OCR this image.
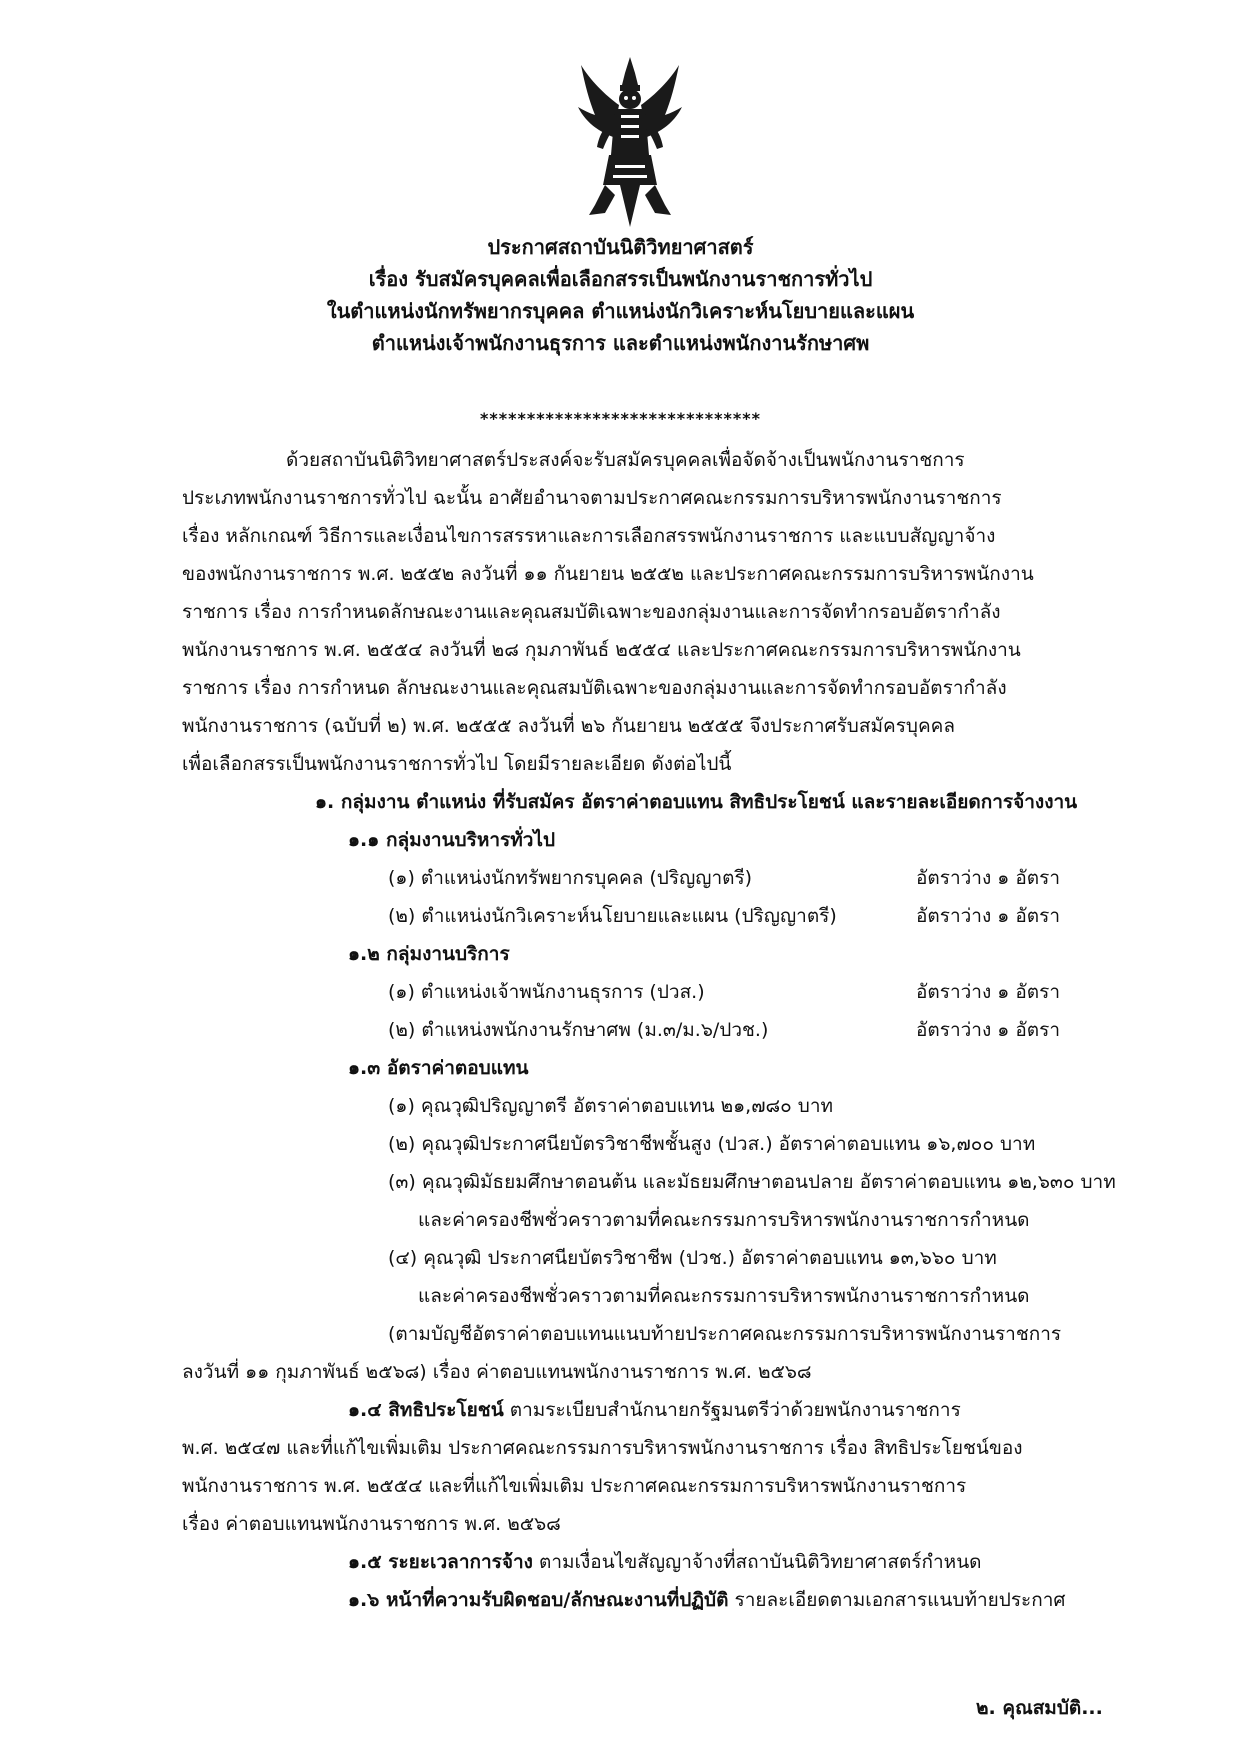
ประกาศสถาบันนิติวิทยาศาสตร์
เรื่อง รับสมัครบุคคลเพื่อเลือกสรรเป็นพนักงานราชการทั่วไป
ในตำแหน่งนักทรัพยากรบุคคล ตำแหน่งนักวิเคราะห์นโยบายและแผน
ตำแหน่งเจ้าพนักงานธุรการ และตำแหน่งพนักงานรักษาศพ
******************************
ด้วยสถาบันนิติวิทยาศาสตร์ประสงค์จะรับสมัครบุคคลเพื่อจัดจ้างเป็นพนักงานราชการ
ประเภทพนักงานราชการทั่วไป ฉะนั้น อาศัยอำนาจตามประกาศคณะกรรมการบริหารพนักงานราชการ
เรื่อง หลักเกณฑ์ วิธีการและเงื่อนไขการสรรหาและการเลือกสรรพนักงานราชการ และแบบสัญญาจ้าง
ของพนักงานราชการ พ.ศ. ๒๕๕๒ ลงวันที่ ๑๑ กันยายน ๒๕๕๒ และประกาศคณะกรรมการบริหารพนักงาน
ราชการ เรื่อง การกำหนดลักษณะงานและคุณสมบัติเฉพาะของกลุ่มงานและการจัดทำกรอบอัตรากำลัง
พนักงานราชการ พ.ศ. ๒๕๕๔ ลงวันที่ ๒๘ กุมภาพันธ์ ๒๕๕๔ และประกาศคณะกรรมการบริหารพนักงาน
ราชการ เรื่อง การกำหนด ลักษณะงานและคุณสมบัติเฉพาะของกลุ่มงานและการจัดทำกรอบอัตรากำลัง
พนักงานราชการ (ฉบับที่ ๒) พ.ศ. ๒๕๕๕ ลงวันที่ ๒๖ กันยายน ๒๕๕๕ จึงประกาศรับสมัครบุคคล
เพื่อเลือกสรรเป็นพนักงานราชการทั่วไป โดยมีรายละเอียด ดังต่อไปนี้
๑. กลุ่มงาน ตำแหน่ง ที่รับสมัคร อัตราค่าตอบแทน สิทธิประโยชน์ และรายละเอียดการจ้างงาน
๑.๑ กลุ่มงานบริหารทั่วไป
(๑) ตำแหน่งนักทรัพยากรบุคคล (ปริญญาตรี)	อัตราว่าง ๑ อัตรา
(๒) ตำแหน่งนักวิเคราะห์นโยบายและแผน (ปริญญาตรี)	อัตราว่าง ๑ อัตรา
๑.๒ กลุ่มงานบริการ
(๑) ตำแหน่งเจ้าพนักงานธุรการ (ปวส.)	อัตราว่าง ๑ อัตรา
(๒) ตำแหน่งพนักงานรักษาศพ (ม.๓/ม.๖/ปวช.)	อัตราว่าง ๑ อัตรา
๑.๓ อัตราค่าตอบแทน
(๑) คุณวุฒิปริญญาตรี อัตราค่าตอบแทน ๒๑,๗๘๐ บาท
(๒) คุณวุฒิประกาศนียบัตรวิชาชีพชั้นสูง (ปวส.) อัตราค่าตอบแทน ๑๖,๗๐๐ บาท
(๓) คุณวุฒิมัธยมศึกษาตอนต้น และมัธยมศึกษาตอนปลาย อัตราค่าตอบแทน ๑๒,๖๓๐ บาท
และค่าครองชีพชั่วคราวตามที่คณะกรรมการบริหารพนักงานราชการกำหนด
(๔) คุณวุฒิ ประกาศนียบัตรวิชาชีพ (ปวช.) อัตราค่าตอบแทน ๑๓,๖๖๐ บาท
และค่าครองชีพชั่วคราวตามที่คณะกรรมการบริหารพนักงานราชการกำหนด
(ตามบัญชีอัตราค่าตอบแทนแนบท้ายประกาศคณะกรรมการบริหารพนักงานราชการ
ลงวันที่ ๑๑ กุมภาพันธ์ ๒๕๖๘) เรื่อง ค่าตอบแทนพนักงานราชการ พ.ศ. ๒๕๖๘
๑.๔ สิทธิประโยชน์ ตามระเบียบสำนักนายกรัฐมนตรีว่าด้วยพนักงานราชการ
พ.ศ. ๒๕๔๗ และที่แก้ไขเพิ่มเติม ประกาศคณะกรรมการบริหารพนักงานราชการ เรื่อง สิทธิประโยชน์ของ
พนักงานราชการ พ.ศ. ๒๕๕๔ และที่แก้ไขเพิ่มเติม ประกาศคณะกรรมการบริหารพนักงานราชการ
เรื่อง ค่าตอบแทนพนักงานราชการ พ.ศ. ๒๕๖๘
๑.๕ ระยะเวลาการจ้าง ตามเงื่อนไขสัญญาจ้างที่สถาบันนิติวิทยาศาสตร์กำหนด
๑.๖ หน้าที่ความรับผิดชอบ/ลักษณะงานที่ปฏิบัติ รายละเอียดตามเอกสารแนบท้ายประกาศ
๒. คุณสมบัติ...
